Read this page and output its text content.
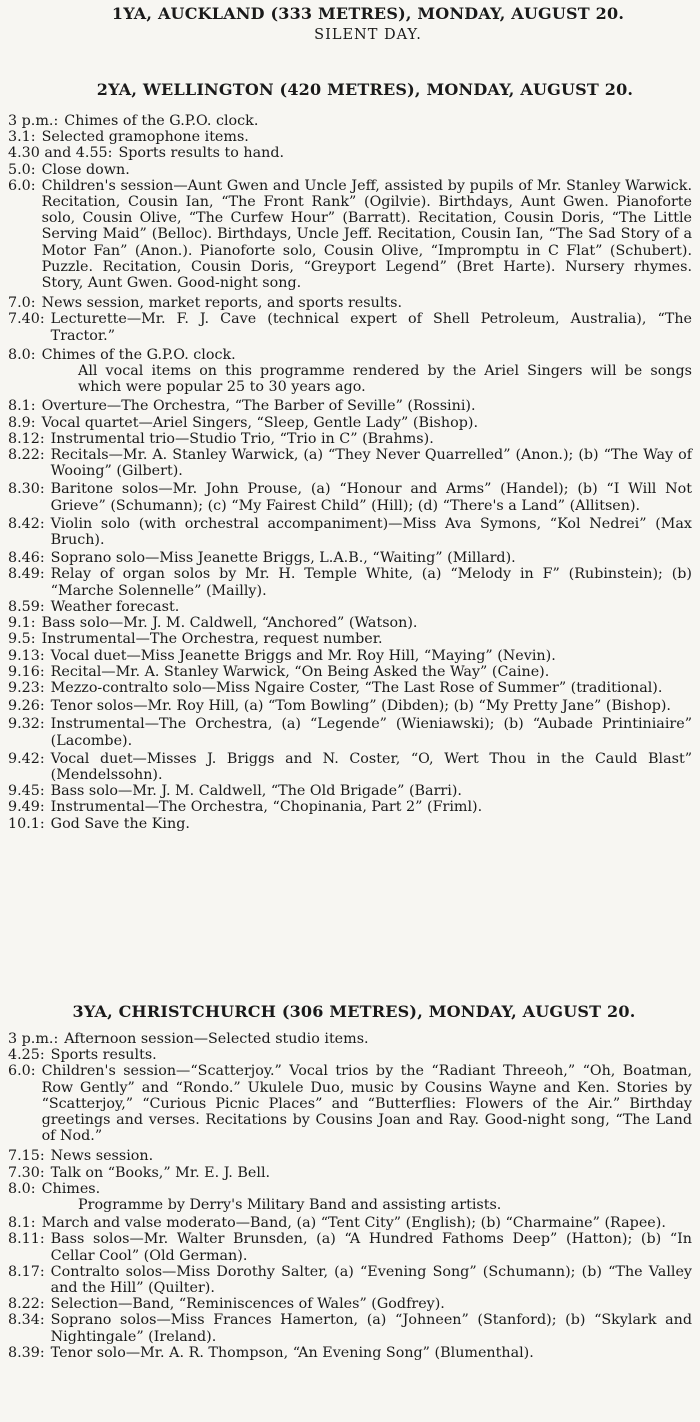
1YA, AUCKLAND (333 METRES), MONDAY, AUGUST 20.
SILENT DAY.
2YA, WELLINGTON (420 METRES), MONDAY, AUGUST 20.
3 p.m.: Chimes of the G.P.O. clock.
3.1: Selected gramophone items.
4.30 and 4.55: Sports results to hand.
5.0: Close down.
6.0: Children's session—Aunt Gwen and Uncle Jeff, assisted by pupils of Mr. Stanley Warwick. Recitation, Cousin Ian, “The Front Rank” (Ogilvie). Birthdays, Aunt Gwen. Pianoforte solo, Cousin Olive, “The Curfew Hour” (Barratt). Recitation, Cousin Doris, “The Little Serving Maid” (Belloc). Birthdays, Uncle Jeff. Recitation, Cousin Ian, “The Sad Story of a Motor Fan” (Anon.). Pianoforte solo, Cousin Olive, “Impromptu in C Flat” (Schubert). Puzzle. Recitation, Cousin Doris, “Greyport Legend” (Bret Harte). Nursery rhymes. Story, Aunt Gwen. Good-night song.
7.0: News session, market reports, and sports results.
7.40: Lecturette—Mr. F. J. Cave (technical expert of Shell Petroleum, Australia), “The Tractor.”
8.0: Chimes of the G.P.O. clock.
All vocal items on this programme rendered by the Ariel Singers will be songs which were popular 25 to 30 years ago.
8.1: Overture—The Orchestra, “The Barber of Seville” (Rossini).
8.9: Vocal quartet—Ariel Singers, “Sleep, Gentle Lady” (Bishop).
8.12: Instrumental trio—Studio Trio, “Trio in C” (Brahms).
8.22: Recitals—Mr. A. Stanley Warwick, (a) “They Never Quarrelled” (Anon.); (b) “The Way of Wooing” (Gilbert).
8.30: Baritone solos—Mr. John Prouse, (a) “Honour and Arms” (Handel); (b) “I Will Not Grieve” (Schumann); (c) “My Fairest Child” (Hill); (d) “There's a Land” (Allitsen).
8.42: Violin solo (with orchestral accompaniment)—Miss Ava Symons, “Kol Nedrei” (Max Bruch).
8.46: Soprano solo—Miss Jeanette Briggs, L.A.B., “Waiting” (Millard).
8.49: Relay of organ solos by Mr. H. Temple White, (a) “Melody in F” (Rubinstein); (b) “Marche Solennelle” (Mailly).
8.59: Weather forecast.
9.1: Bass solo—Mr. J. M. Caldwell, “Anchored” (Watson).
9.5: Instrumental—The Orchestra, request number.
9.13: Vocal duet—Miss Jeanette Briggs and Mr. Roy Hill, “Maying” (Nevin).
9.16: Recital—Mr. A. Stanley Warwick, “On Being Asked the Way” (Caine).
9.23: Mezzo-contralto solo—Miss Ngaire Coster, “The Last Rose of Summer” (traditional).
9.26: Tenor solos—Mr. Roy Hill, (a) “Tom Bowling” (Dibden); (b) “My Pretty Jane” (Bishop).
9.32: Instrumental—The Orchestra, (a) “Legende” (Wieniawski); (b) “Aubade Printiniaire” (Lacombe).
9.42: Vocal duet—Misses J. Briggs and N. Coster, “O, Wert Thou in the Cauld Blast” (Mendelssohn).
9.45: Bass solo—Mr. J. M. Caldwell, “The Old Brigade” (Barri).
9.49: Instrumental—The Orchestra, “Chopinania, Part 2” (Friml).
10.1: God Save the King.
3YA, CHRISTCHURCH (306 METRES), MONDAY, AUGUST 20.
3 p.m.: Afternoon session—Selected studio items.
4.25: Sports results.
6.0: Children's session—“Scatterjoy.” Vocal trios by the “Radiant Threeoh,” “Oh, Boatman, Row Gently” and “Rondo.” Ukulele Duo, music by Cousins Wayne and Ken. Stories by “Scatterjoy,” “Curious Picnic Places” and “Butterflies: Flowers of the Air.” Birthday greetings and verses. Recitations by Cousins Joan and Ray. Good-night song, “The Land of Nod.”
7.15: News session.
7.30: Talk on “Books,” Mr. E. J. Bell.
8.0: Chimes.
Programme by Derry's Military Band and assisting artists.
8.1: March and valse moderato—Band, (a) “Tent City” (English); (b) “Charmaine” (Rapee).
8.11: Bass solos—Mr. Walter Brunsden, (a) “A Hundred Fathoms Deep” (Hatton); (b) “In Cellar Cool” (Old German).
8.17: Contralto solos—Miss Dorothy Salter, (a) “Evening Song” (Schumann); (b) “The Valley and the Hill” (Quilter).
8.22: Selection—Band, “Reminiscences of Wales” (Godfrey).
8.34: Soprano solos—Miss Frances Hamerton, (a) “Johneen” (Stanford); (b) “Skylark and Nightingale” (Ireland).
8.39: Tenor solo—Mr. A. R. Thompson, “An Evening Song” (Blumenthal).
